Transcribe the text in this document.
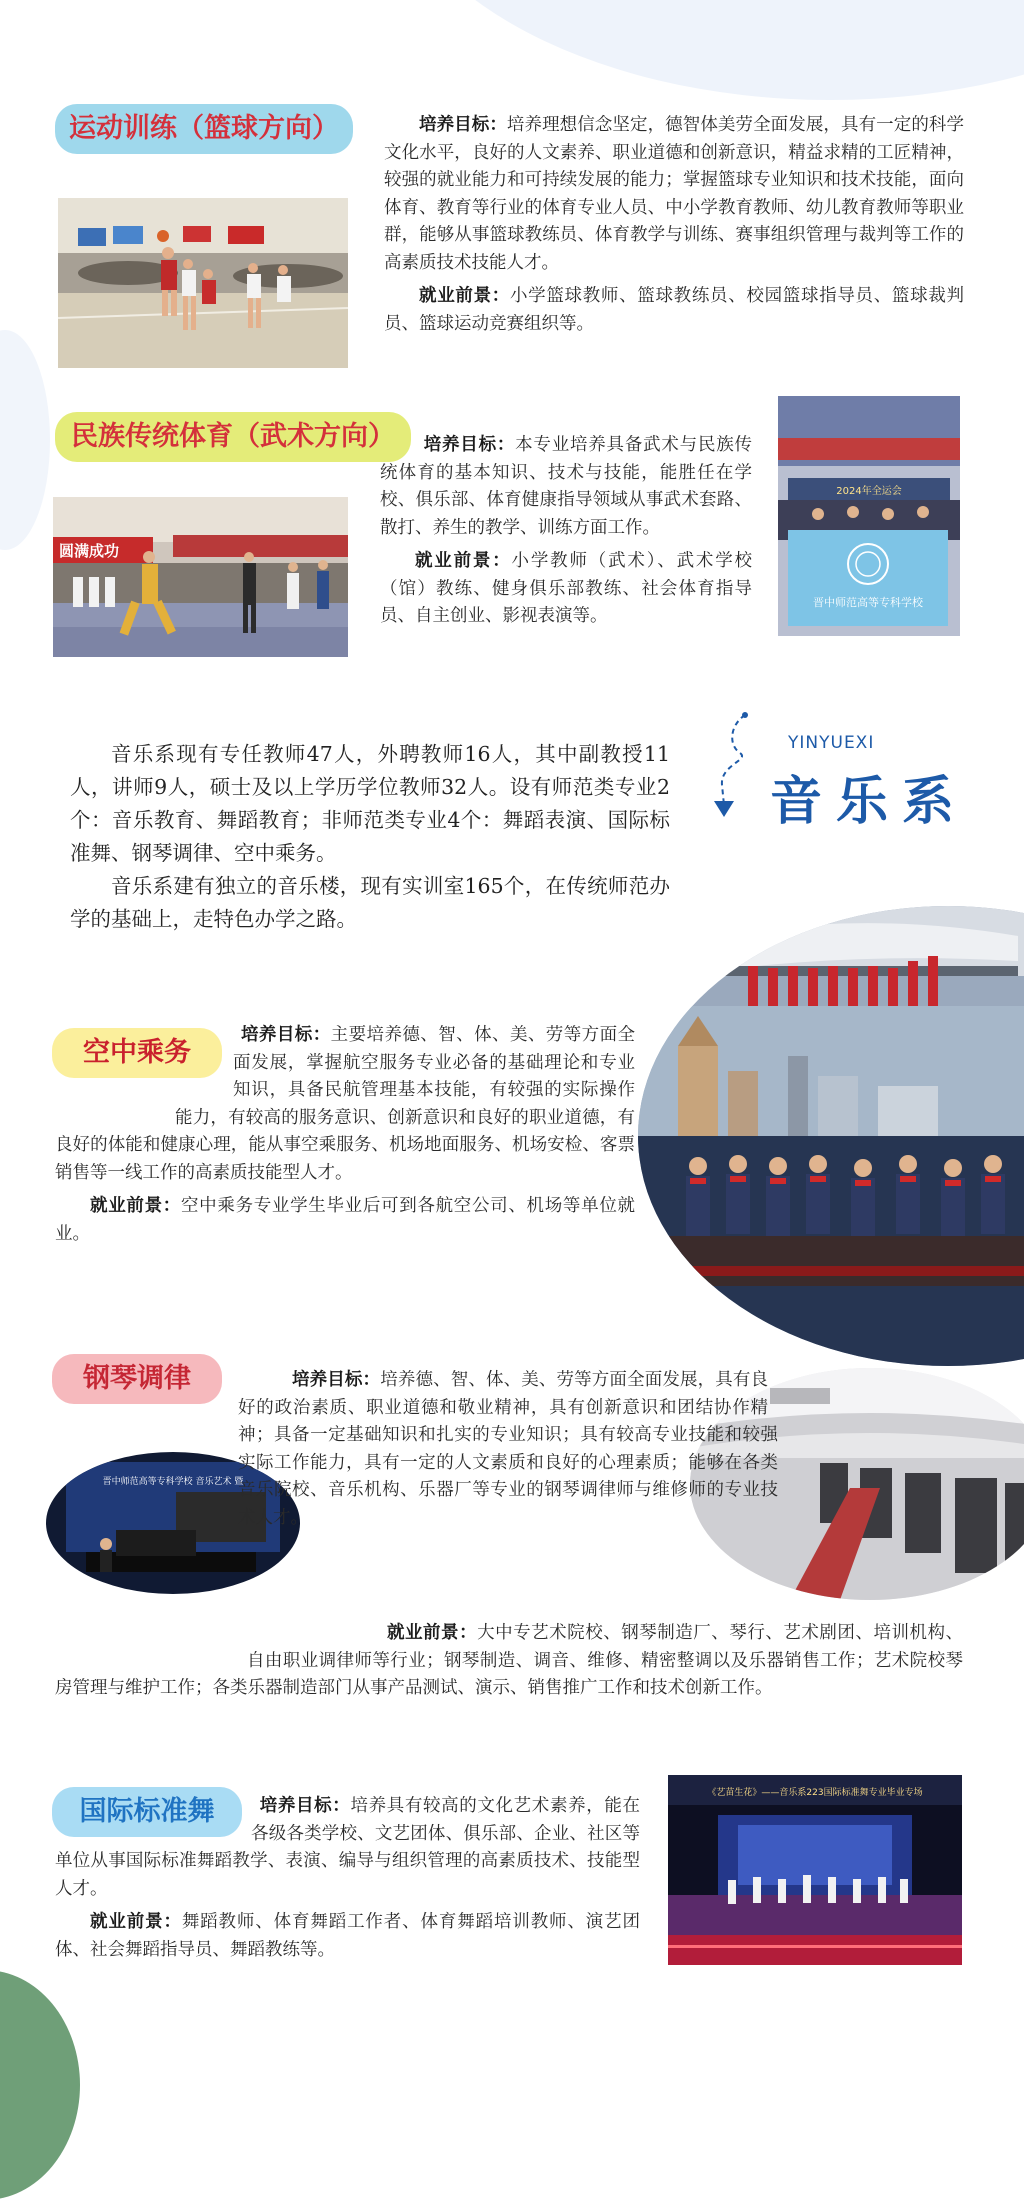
运动训练（篮球方向）	培养目标：培养理想信念坚定，德智体美劳全面发展，具有一定的科学文化水平，良好的人文素养、职业道德和创新意识，精益求精的工匠精神，较强的就业能力和可持续发展的能力；掌握篮球专业知识和技术技能，面向体育、教育等行业的体育专业人员、中小学教育教师、幼儿教育教师等职业群，能够从事篮球教练员、体育教学与训练、赛事组织管理与裁判等工作的高素质技术技能人才。

就业前景：小学篮球教师、篮球教练员、校园篮球指导员、篮球裁判员、篮球运动竞赛组织等。

民族传统体育（武术方向）
圆满成功

培养目标：本专业培养具备武术与民族传统体育的基本知识、技术与技能，能胜任在学校、俱乐部、体育健康指导领域从事武术套路、散打、养生的教学、训练方面工作。

就业前景：小学教师（武术）、武术学校（馆）教练、健身俱乐部教练、社会体育指导员、自主创业、影视表演等。

2024年全运会
晋中师范高等专科学校

音乐系现有专任教师47人，外聘教师16人，其中副教授11人，讲师9人，硕士及以上学历学位教师32人。设有师范类专业2个：音乐教育、舞蹈教育；非师范类专业4个：舞蹈表演、国际标准舞、钢琴调律、空中乘务。

音乐系建有独立的音乐楼，现有实训室165个，在传统师范办学的基础上，走特色办学之路。

YINYUEXI
音乐系
空中乘务

培养目标：主要培养德、智、体、美、劳等方面全面发展，掌握航空服务专业必备的基础理论和专业知识，具备民航管理基本技能，有较强的实际操作能力，有较高的服务意识、创新意识和良好的职业道德，有良好的体能和健康心理，能从事空乘服务、机场地面服务、机场安检、客票销售等一线工作的高素质技能型人才。

就业前景：空中乘务专业学生毕业后可到各航空公司、机场等单位就业。

钢琴调律
晋中师范高等专科学校 音乐艺术 暨

培养目标：培养德、智、体、美、劳等方面全面发展，具有良好的政治素质、职业道德和敬业精神，具有创新意识和团结协作精神；具备一定基础知识和扎实的专业知识；具有较高专业技能和较强实际工作能力，具有一定的人文素质和良好的心理素质；能够在各类音乐院校、音乐机构、乐器厂等专业的钢琴调律师与维修师的专业技术人才。

就业前景：大中专艺术院校、钢琴制造厂、琴行、艺术剧团、培训机构、自由职业调律师等行业；钢琴制造、调音、维修、精密整调以及乐器销售工作；艺术院校琴房管理与维护工作；各类乐器制造部门从事产品测试、演示、销售推广工作和技术创新工作。

国际标准舞
《艺苗生花》——音乐系223国际标准舞专业毕业专场

培养目标：培养具有较高的文化艺术素养，能在各级各类学校、文艺团体、俱乐部、企业、社区等单位从事国际标准舞蹈教学、表演、编导与组织管理的高素质技术、技能型人才。

就业前景：舞蹈教师、体育舞蹈工作者、体育舞蹈培训教师、演艺团体、社会舞蹈指导员、舞蹈教练等。
